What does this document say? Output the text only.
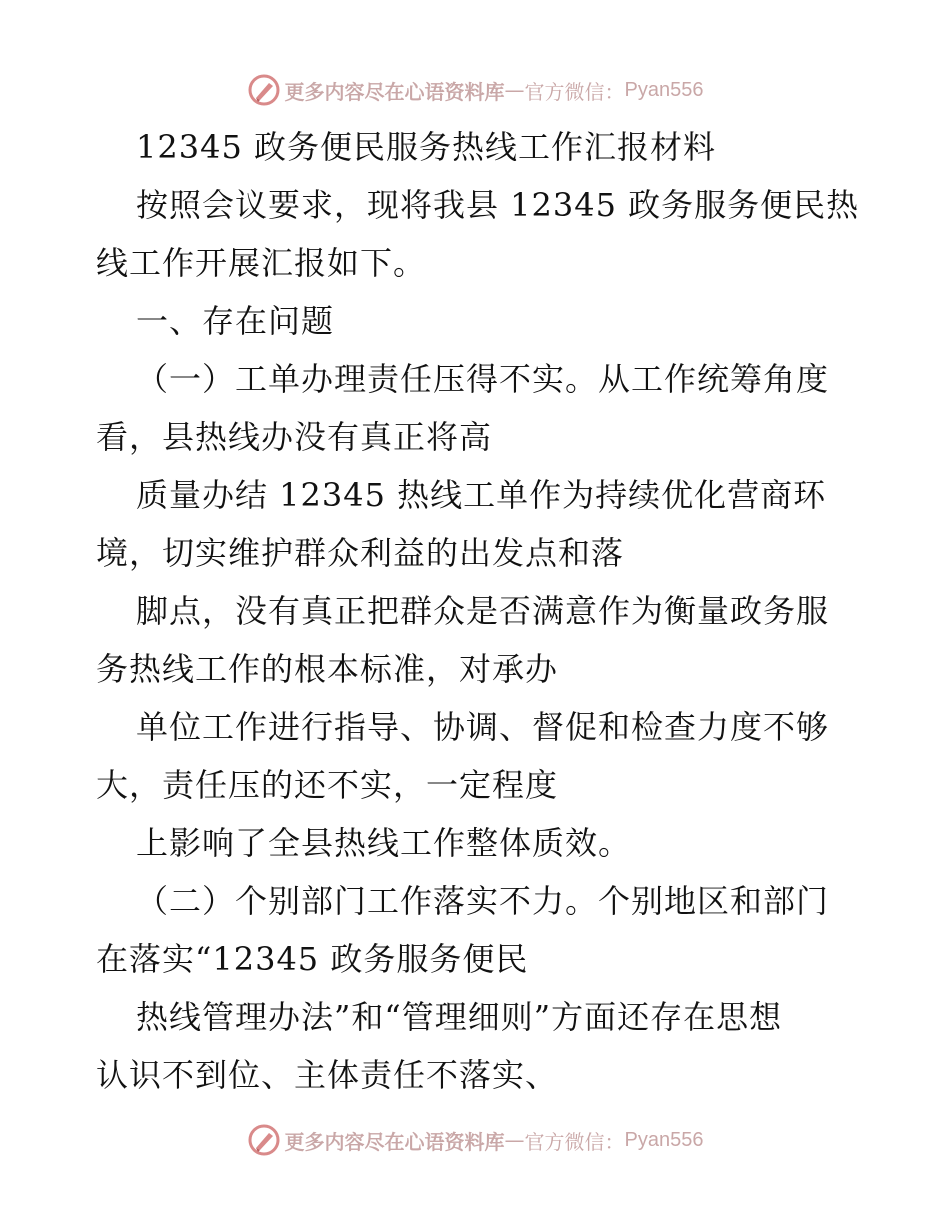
更多内容尽在心语资料库 — 官方微信： Pyan556
12345 政务便民服务热线工作汇报材料
按照会议要求，现将我县 12345 政务服务便民热
线工作开展汇报如下。
一、存在问题
（一）工单办理责任压得不实。从工作统筹角度
看，县热线办没有真正将高
质量办结 12345 热线工单作为持续优化营商环
境，切实维护群众利益的出发点和落
脚点，没有真正把群众是否满意作为衡量政务服
务热线工作的根本标准，对承办
单位工作进行指导、协调、督促和检查力度不够
大，责任压的还不实，一定程度
上影响了全县热线工作整体质效。
（二）个别部门工作落实不力。个别地区和部门
在落实“12345 政务服务便民
热线管理办法”和“管理细则”方面还存在思想
认识不到位、主体责任不落实、
更多内容尽在心语资料库 — 官方微信： Pyan556
